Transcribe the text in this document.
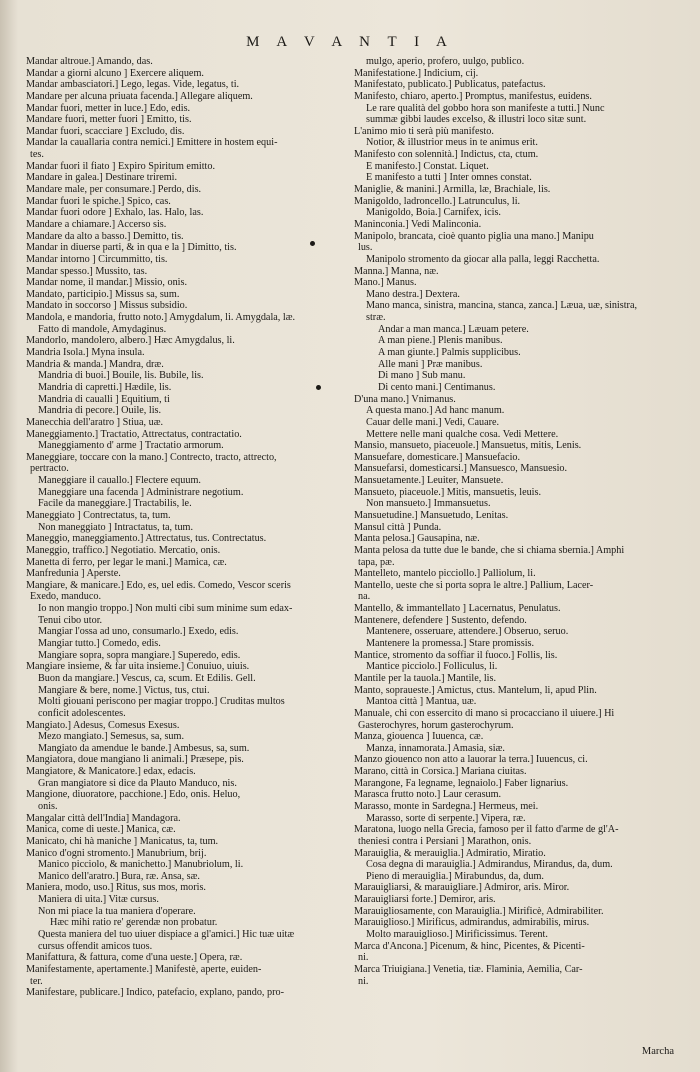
M A V A N T I A
Mandar altroue.] Amando, das.
Mandar a giorni alcuno ] Exercere aliquem.
Mandar ambasciatori.] Lego, legas. Vide, legatus, ti.
Mandare per alcuna priuata facenda.] Allegare aliquem.
Mandar fuori, metter in luce.] Edo, edis.
Mandare fuori, metter fuori ] Emitto, tis.
Mandar fuori, scacciare ] Excludo, dis.
Mandar la cauallaria contra nemici.] Emittere in hostem equi-
tes.
Mandar fuori il fiato ] Expiro Spiritum emitto.
Mandare in galea.] Destinare triremi.
Mandare male, per consumare.] Perdo, dis.
Mandar fuori le spiche.] Spico, cas.
Mandar fuori odore ] Exhalo, las. Halo, las.
Mandare a chiamare.] Accerso sis.
Mandare da alto a basso.] Demitto, tis.
Mandar in diuerse parti, & in qua e la ] Dimitto, tis.
Mandar intorno ] Circummitto, tis.
Mandar spesso.] Mussito, tas.
Mandar nome, il mandar.] Missio, onis.
Mandato, participio.] Missus sa, sum.
Mandato in soccorso ] Missus subsidio.
Mandola, e mandoria, frutto noto.] Amygdalum, li. Amygdala, læ.
Fatto di mandole, Amydaginus.
Mandorlo, mandolero, albero.] Hæc Amygdalus, li.
Mandria Isola.] Myna insula.
Mandria & manda.] Mandra, dræ.
Mandria di buoi.] Bouile, lis. Bubile, lis.
Mandria di capretti.] Hædile, lis.
Mandria di caualli ] Equitium, ti
Mandria di pecore.] Ouile, lis.
Manecchia dell'aratro ] Stiua, uæ.
Maneggiamento.] Tractatio, Attrectatus, contractatio.
Maneggiamento d' arme ] Tractatio armorum.
Maneggiare, toccare con la mano.] Contrecto, tracto, attrecto,
pertracto.
Maneggiare il cauallo.] Flectere equum.
Maneggiare una facenda ] Administrare negotium.
Facile da maneggiare.] Tractabilis, le.
Maneggiato ] Contrectatus, ta, tum.
Non maneggiato ] Intractatus, ta, tum.
Maneggio, maneggiamento.] Attrectatus, tus. Contrectatus.
Maneggio, traffico.] Negotiatio. Mercatio, onis.
Manetta di ferro, per legar le mani.] Mamica, cæ.
Manfredunia ] Aperste.
Mangiare, & manicare.] Edo, es, uel edis. Comedo, Vescor sceris
Exedo, manduco.
Io non mangio troppo.] Non multi cibi sum minime sum edax-
Tenui cibo utor.
Mangiar l'ossa ad uno, consumarlo.] Exedo, edis.
Mangiar tutto.] Comedo, edis.
Mangiare sopra, soprа mangiare.] Superedo, edis.
Mangiare insieme, & far uita insieme.] Conuiuo, uiuis.
Buon da mangiare.] Vescus, ca, scum. Et Edilis. Gell.
Mangiare & bere, nome.] Victus, tus, ctui.
Molti giouani periscono per magiar troppo.] Cruditas multos
conficit adolescentes.
Mangiato.] Adesus, Comesus Exesus.
Mezo mangiato.] Semesus, sa, sum.
Mangiato da amendue le bande.] Ambesus, sa, sum.
Mangiatora, doue mangiano li animali.] Præsepe, pis.
Mangiatore, & Manicatore.] edax, edacis.
Gran mangiatore si dice da Plauto Manduco, nis.
Mangione, diuoratore, pacchione.] Edo, onis. Heluo,
onis.
Mangalar città dell'India] Mandagora.
Manica, come di ueste.] Manica, cæ.
Manicato, chi hà maniche ] Manicatus, ta, tum.
Manico d'ogni stromento.] Manubrium, brij.
Manico picciolo, & manichetto.] Manubriolum, li.
Manico dell'aratro.] Bura, ræ. Ansa, sæ.
Maniera, modo, uso.] Ritus, sus mos, moris.
Maniera di uita.] Vitæ cursus.
Non mi piace la tua maniera d'operare.
Hæc mihi ratio re' gerendæ non probatur.
Questa maniera del tuo uiuer dispiace a gl'amici.] Hic tuæ uitæ
cursus offendit amicos tuos.
Manifattura, & fattura, come d'una ueste.] Opera, ræ.
Manifestamente, apertamente.] Manifestè, aperte, euiden-
ter.
Manifestare, publicare.] Indico, patefacio, explano, pando, pro-
mulgo, aperio, profero, uulgo, publico.
Manifestatione.] Indicium, cij.
Manifestato, publicato.] Publicatus, patefactus.
Manifesto, chiaro, aperto.] Promptus, manifestus, euidens.
Le rare qualità del gobbo hora son manifeste a tutti.] Nunc
summæ gibbi laudes excelso, & illustri loco sitæ sunt.
L'animo mio ti serà più manifesto.
Notior, & illustrior meus in te animus erit.
Manifesto con solennità.] Indictus, cta, ctum.
E manifesto.] Constat. Liquet.
E manifesto a tutti ] Inter omnes constat.
Maniglie, & manini.] Armilla, læ, Brachiale, lis.
Manigoldo, ladroncello.] Latrunculus, li.
Manigoldo, Boia.] Carnifex, icis.
Maninconia.] Vedi Malinconia.
Manipolo, brancata, cioè quanto piglia una mano.] Manipu
lus.
Manipolo stromento da giocar alla palla, leggi Racchetta.
Manna.] Manna, næ.
Mano.] Manus.
Mano destra.] Dextera.
Mano manca, sinistra, mancina, stanca, zanca.] Læua, uæ, sinistra,
stræ.
Andar a man manca.] Læuam petere.
A man piene.] Plenis manibus.
A man giunte.] Palmis supplicibus.
Alle mani ] Præ manibus.
Di mano ] Sub manu.
Di cento mani.] Centimanus.
D'una mano.] Vnimanus.
A questa mano.] Ad hanc manum.
Cauar delle mani.] Vedi, Cauare.
Mettere nelle mani qualche cosa. Vedi Mettere.
Mansio, mansueto, piaceuole.] Mansuetus, mitis, Lenis.
Mansuefare, domesticare.] Mansuefacio.
Mansuefarsi, domesticarsi.] Mansuesco, Mansuesio.
Mansuetamente.] Leuiter, Mansuete.
Mansueto, piaceuole.] Mitis, mansuetis, leuis.
Non mansueto.] Immansuetus.
Mansuetudine.] Mansuetudo, Lenitas.
Mansul città ] Punda.
Manta pelosa.] Gausapina, næ.
Manta pelosa da tutte due le bande, che si chiama sbernia.] Amphi
tapa, pæ.
Mantelleto, mantelo picciollo.] Palliolum, li.
Mantello, ueste che si porta sopra le altre.] Pallium, Lacer-
na.
Mantello, & immantellato ] Lacernatus, Penulatus.
Mantenere, defendere ] Sustento, defendo.
Mantenere, osseruare, attendere.] Obseruo, seruo.
Mantenere la promessa.] Stare promissis.
Mantice, stromento da soffiar il fuoco.] Follis, lis.
Mantice picciolo.] Folliculus, li.
Mantile per la tauola.] Mantile, lis.
Manto, sopraueste.] Amictus, ctus. Mantelum, li, apud Plin.
Mantoa città ] Mantua, uæ.
Manuale, chi con essercito di mano si procacciano il uiuere.] Hi
Gasterochyres, horum gasterochyrum.
Manza, giouenca ] Iuuenca, cæ.
Manza, innamorata.] Amasia, siæ.
Manzo giouenco non atto a lauorar la terra.] Iuuencus, ci.
Marano, città in Corsica.] Mariana ciuitas.
Marangone, Fa legname, legnaiolo.] Faber lignarius.
Marasca frutto noto.] Laur cerasum.
Marasso, monte in Sardegna.] Hermeus, mei.
Marasso, sorte di serpente.] Vipera, ræ.
Maratona, luogo nella Grecia, famoso per il fatto d'arme de gl'A-
theniesi contra i Persiani ] Marathon, onis.
Marauiglia, & merauiglia.] Admiratio, Miratio.
Cosa degna di marauiglia.] Admirandus, Mirandus, da, dum.
Pieno di merauiglia.] Mirabundus, da, dum.
Marauigliarsi, & marauigliare.] Admiror, aris. Miror.
Marauigliarsi forte.] Demiror, aris.
Marauigliosamente, con Marauiglia.] Mirificè, Admirabiliter.
Marauiglioso.] Mirificus, admirandus, admirabilis, mirus.
Molto marauiglioso.] Mirificissimus. Terent.
Marca d'Ancona.] Picenum, & hinc, Picentes, & Picenti-
ni.
Marca Triuigiana.] Venetia, tiæ. Flaminia, Aemilia, Car-
ni.
Marcha
